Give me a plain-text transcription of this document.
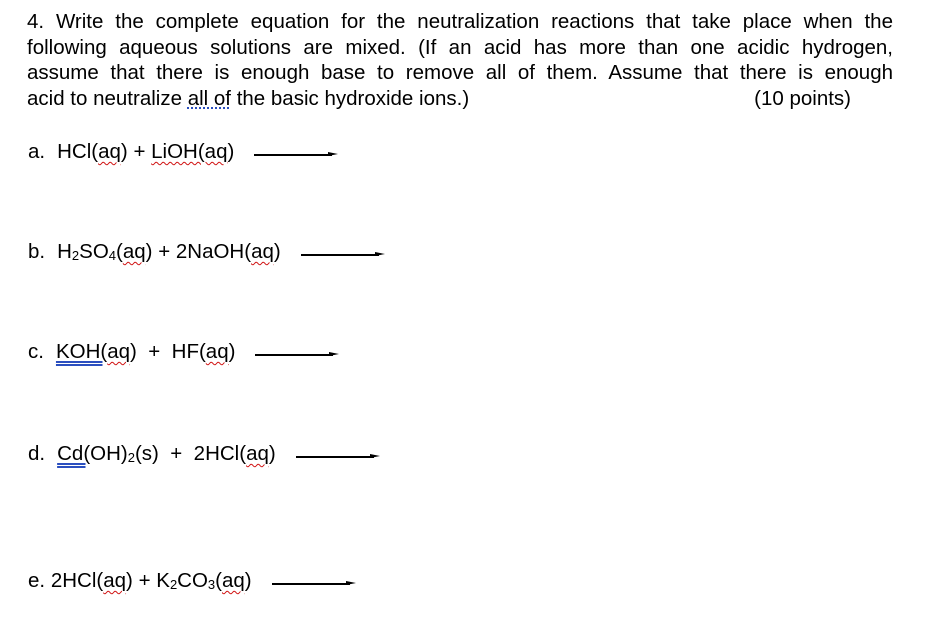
4. Write the complete equation for the neutralization reactions that take place when the
following aqueous solutions are mixed. (If an acid has more than one acidic hydrogen,
assume that there is enough base to remove all of them. Assume that there is enough
acid to neutralize all of the basic hydroxide ions.)	(10 points)
a. HCl(aq)
+
LiOH(aq)
b. $H_2SO_4(aq)$
+
2NaOH(aq)
c. KOH(aq)
+
HF(aq)
d. $Cd(OH)_2(s)$
+
2HCl(aq)
e.
2HCl(aq)
+
$K_2CO_3(aq)$
